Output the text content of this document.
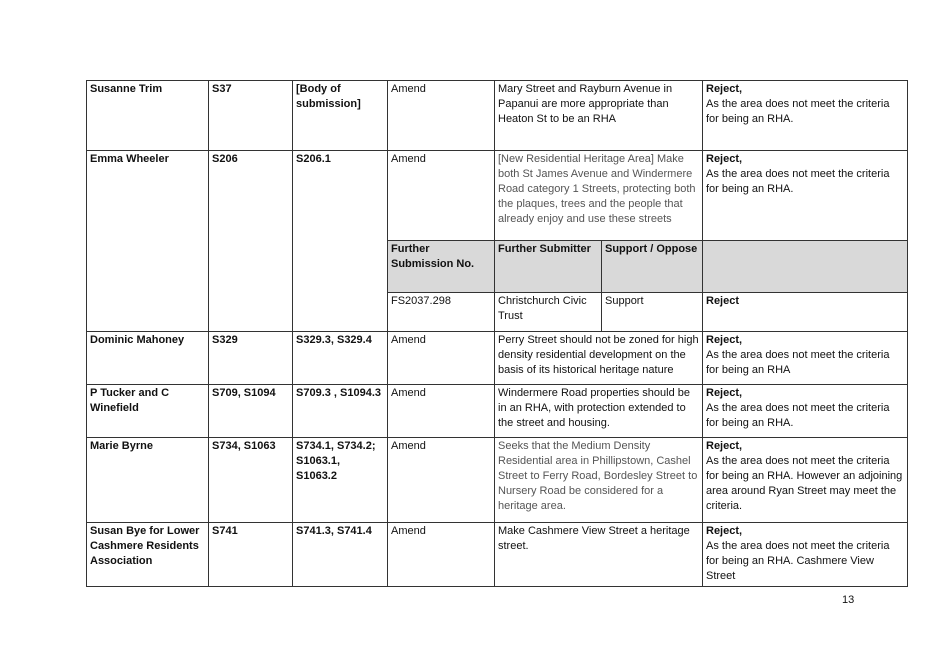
Susanne Trim	S37	[Body of submission]	Amend	Mary Street and Rayburn Avenue in Papanui are more appropriate than Heaton St to be an RHA		Reject,
As the area does not meet the criteria for being an RHA.
Emma Wheeler	S206	S206.1	Amend	[New Residential Heritage Area] Make both St James Avenue and Windermere Road category 1 Streets, protecting both the plaques, trees and the people that already enjoy and use these streets		Reject,
As the area does not meet the criteria for being an RHA.
			Further Submission No.	Further Submitter	Support / Oppose	
			FS2037.298	Christchurch Civic Trust	Support	Reject
Dominic Mahoney	S329	S329.3, S329.4	Amend	Perry Street should not be zoned for high density residential development on the basis of its historical heritage nature		Reject,
As the area does not meet the criteria for being an RHA
P Tucker and C Winefield	S709, S1094	S709.3 , S1094.3	Amend	Windermere Road properties should be in an RHA, with protection extended to the street and housing.		Reject,
As the area does not meet the criteria for being an RHA.
Marie Byrne	S734, S1063	S734.1, S734.2; S1063.1, S1063.2	Amend	Seeks that the Medium Density Residential area in Phillipstown, Cashel Street to Ferry Road, Bordesley Street to Nursery Road be considered for a heritage area.		Reject,
As the area does not meet the criteria for being an RHA. However an adjoining area around Ryan Street may meet the criteria.
Susan Bye for Lower Cashmere Residents Association	S741	S741.3, S741.4	Amend	Make Cashmere View Street a heritage street.		Reject,
As the area does not meet the criteria for being an RHA. Cashmere View Street
13
